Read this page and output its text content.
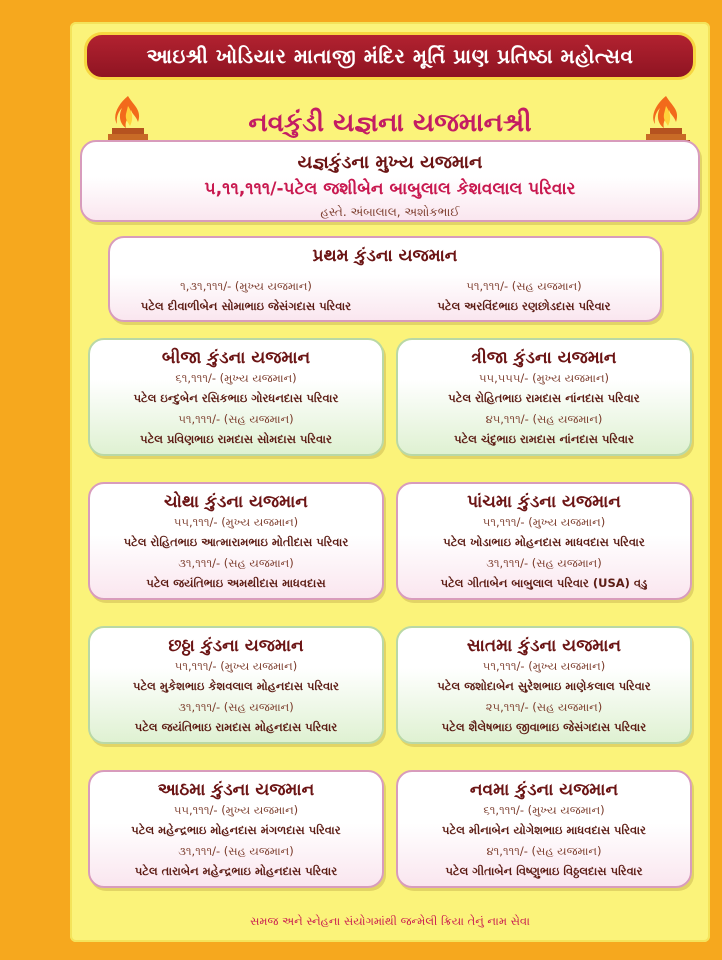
આઇશ્રી ખોડિયાર માતાજી મંદિર મૂર્તિ પ્રાણ પ્રતિષ્ઠા મહોત્સવ
નવકુંડી યજ્ઞના યજમાનશ્રી
યજ્ઞકુંડના મુખ્ય યજમાન
૫,૧૧,૧૧૧/-પટેલ જશીબેન બાબુલાલ કેશવલાલ પરિવાર
હસ્તે. અંબાલાલ, અશોકભાઈ
પ્રથમ કુંડના યજમાન
૧,૩૧,૧૧૧/- (મુખ્ય યજમાન)
પટેલ દીવાળીબેન સોમાભાઇ જેસંગદાસ પરિવાર
૫૧,૧૧૧/- (સહ યજમાન)
પટેલ અરવિંદભાઇ રણછોડદાસ પરિવાર
બીજા કુંડના યજમાન
૬૧,૧૧૧/- (મુખ્ય યજમાન)
પટેલ ઇન્દુબેન રસિકભાઇ ગોરધનદાસ પરિવાર
૫૧,૧૧૧/- (સહ યજમાન)
પટેલ પ્રવિણભાઇ રામદાસ સોમદાસ પરિવાર
ત્રીજા કુંડના યજમાન
૫૫,૫૫૫/- (મુખ્ય યજમાન)
પટેલ રોહિતભાઇ રામદાસ નાંનદાસ પરિવાર
૪૫,૧૧૧/- (સહ યજમાન)
પટેલ ચંદુભાઇ રામદાસ નાંનદાસ પરિવાર
ચોથા કુંડના યજમાન
૫૫,૧૧૧/- (મુખ્ય યજમાન)
પટેલ રોહિતભાઇ આત્મારામભાઇ મોતીદાસ પરિવાર
૩૧,૧૧૧/- (સહ યજમાન)
પટેલ જયંતિભાઇ અમથીદાસ માધવદાસ
પાંચમા કુંડના યજમાન
૫૧,૧૧૧/- (મુખ્ય યજમાન)
પટેલ ખોડાભાઇ મોહનદાસ માધવદાસ પરિવાર
૩૧,૧૧૧/- (સહ યજમાન)
પટેલ ગીતાબેન બાબુલાલ પરિવાર (USA) વડુ
છઠ્ઠા કુંડના યજમાન
૫૧,૧૧૧/- (મુખ્ય યજમાન)
પટેલ મુકેશભાઇ કેશવલાલ મોહનદાસ પરિવાર
૩૧,૧૧૧/- (સહ યજમાન)
પટેલ જયંતિભાઇ રામદાસ મોહનદાસ પરિવાર
સાતમા કુંડના યજમાન
૫૧,૧૧૧/- (મુખ્ય યજમાન)
પટેલ જશોદાબેન સુરેશભાઇ માણેકલાલ પરિવાર
૨૫,૧૧૧/- (સહ યજમાન)
પટેલ શૈલેષભાઇ જીવાભાઇ જેસંગદાસ પરિવાર
આઠમા કુંડના યજમાન
૫૫,૧૧૧/- (મુખ્ય યજમાન)
પટેલ મહેન્દ્રભાઇ મોહનદાસ મંગળદાસ પરિવાર
૩૧,૧૧૧/- (સહ યજમાન)
પટેલ તારાબેન મહેન્દ્રભાઇ મોહનદાસ પરિવાર
નવમા કુંડના યજમાન
૬૧,૧૧૧/- (મુખ્ય યજમાન)
પટેલ મીનાબેન યોગેશભાઇ માધવદાસ પરિવાર
૪૧,૧૧૧/- (સહ યજમાન)
પટેલ ગીતાબેન વિષ્ણુભાઇ વિઠ્ઠલદાસ પરિવાર
સમજ અને સ્નેહના સંયોગમાંથી જન્મેલી ક્રિયા તેનું નામ સેવા
